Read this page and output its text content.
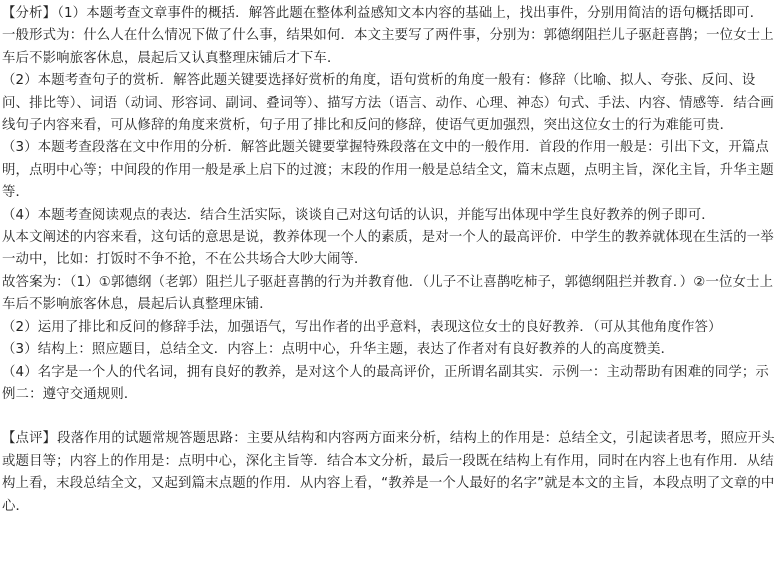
【分析】（1）本题考查文章事件的概括．解答此题在整体利益感知文本内容的基础上，找出事件，分别用简洁的语句概括即可．一般形式为：什么人在什么情况下做了什么事，结果如何．本文主要写了两件事，分别为：郭德纲阻拦儿子驱赶喜鹊；一位女士上车后不影响旅客休息，晨起后又认真整理床铺后才下车．

（2）本题考查句子的赏析．解答此题关键要选择好赏析的角度，语句赏析的角度一般有：修辞（比喻、拟人、夸张、反问、设问、排比等）、词语（动词、形容词、副词、叠词等）、描写方法（语言、动作、心理、神态）句式、手法、内容、情感等．结合画线句子内容来看，可从修辞的角度来赏析，句子用了排比和反问的修辞，使语气更加强烈，突出这位女士的行为难能可贵．

（3）本题考查段落在文中作用的分析．解答此题关键要掌握特殊段落在文中的一般作用．首段的作用一般是：引出下文，开篇点明，点明中心等；中间段的作用一般是承上启下的过渡；末段的作用一般是总结全文，篇末点题，点明主旨，深化主旨，升华主题等．

（4）本题考查阅读观点的表达．结合生活实际，谈谈自己对这句话的认识，并能写出体现中学生良好教养的例子即可．

从本文阐述的内容来看，这句话的意思是说，教养体现一个人的素质，是对一个人的最高评价．中学生的教养就体现在生活的一举一动中，比如：打饭时不争不抢，不在公共场合大吵大闹等．

故答案为：（1）①郭德纲（老郭）阻拦儿子驱赶喜鹊的行为并教育他．（儿子不让喜鹊吃柿子，郭德纲阻拦并教育．）②一位女士上车后不影响旅客休息，晨起后认真整理床铺．

（2）运用了排比和反问的修辞手法，加强语气，写出作者的出乎意料，表现这位女士的良好教养．（可从其他角度作答）

（3）结构上：照应题目，总结全文．内容上：点明中心，升华主题，表达了作者对有良好教养的人的高度赞美．

（4）名字是一个人的代名词，拥有良好的教养，是对这个人的最高评价，正所谓名副其实．示例一：主动帮助有困难的同学；示例二：遵守交通规则．

【点评】段落作用的试题常规答题思路：主要从结构和内容两方面来分析，结构上的作用是：总结全文，引起读者思考，照应开头或题目等；内容上的作用是：点明中心，深化主旨等．结合本文分析，最后一段既在结构上有作用，同时在内容上也有作用．从结构上看，末段总结全文，又起到篇末点题的作用．从内容上看，“教养是一个人最好的名字”就是本文的主旨，本段点明了文章的中心．
